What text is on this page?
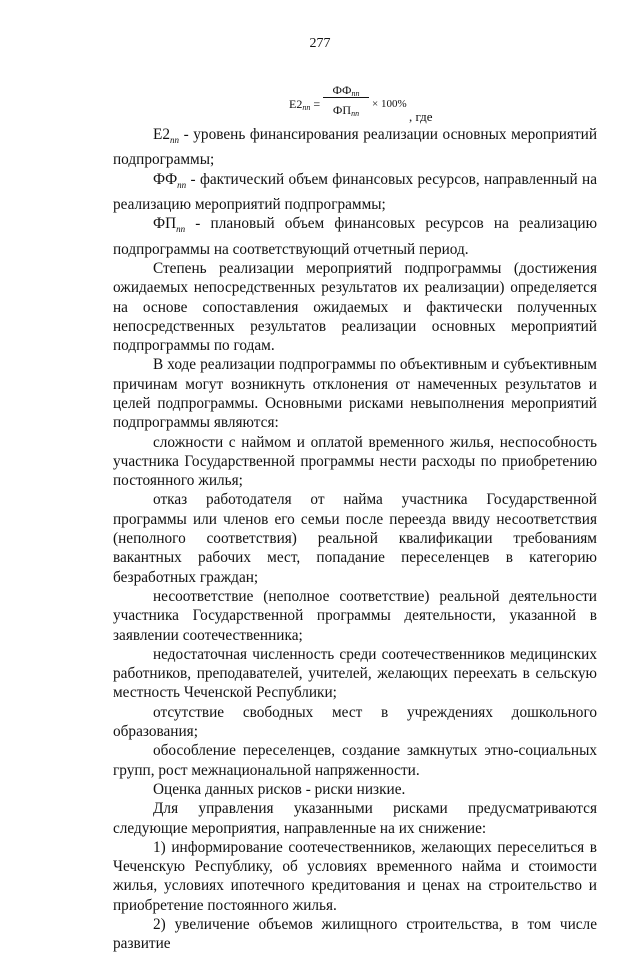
277
$E2_{пп}$ =
$ФФ_{пп}$
$ФП_{пп}$
× 100%
, где

$Е2_{пп}$ - уровень финансирования реализации основных мероприятий подпрограммы;

$ФФ_{пп}$ - фактический объем финансовых ресурсов, направленный на реализацию мероприятий подпрограммы;

$ФП_{пп}$ - плановый объем финансовых ресурсов на реализацию подпрограммы на соответствующий отчетный период.

Степень реализации мероприятий подпрограммы (достижения ожидаемых непосредственных результатов их реализации) определяется на основе сопоставления ожидаемых и фактически полученных непосредственных результатов реализации основных мероприятий подпрограммы по годам.

В ходе реализации подпрограммы по объективным и субъективным причинам могут возникнуть отклонения от намеченных результатов и целей подпрограммы. Основными рисками невыполнения мероприятий подпрограммы являются:

сложности с наймом и оплатой временного жилья, неспособность участника Государственной программы нести расходы по приобретению постоянного жилья;

отказ работодателя от найма участника Государственной программы или членов его семьи после переезда ввиду несоответствия (неполного соответствия) реальной квалификации требованиям вакантных рабочих мест, попадание переселенцев в категорию безработных граждан;

несоответствие (неполное соответствие) реальной деятельности участника Государственной программы деятельности, указанной в заявлении соотечественника;

недостаточная численность среди соотечественников медицинских работников, преподавателей, учителей, желающих переехать в сельскую местность Чеченской Республики;

отсутствие свободных мест в учреждениях дошкольного образования;

обособление переселенцев, создание замкнутых этно-социальных групп, рост межнациональной напряженности.

Оценка данных рисков - риски низкие.

Для управления указанными рисками предусматриваются следующие мероприятия, направленные на их снижение:

1) информирование соотечественников, желающих переселиться в Чеченскую Республику, об условиях временного найма и стоимости жилья, условиях ипотечного кредитования и ценах на строительство и приобретение постоянного жилья.

2) увеличение объемов жилищного строительства, в том числе развитие
